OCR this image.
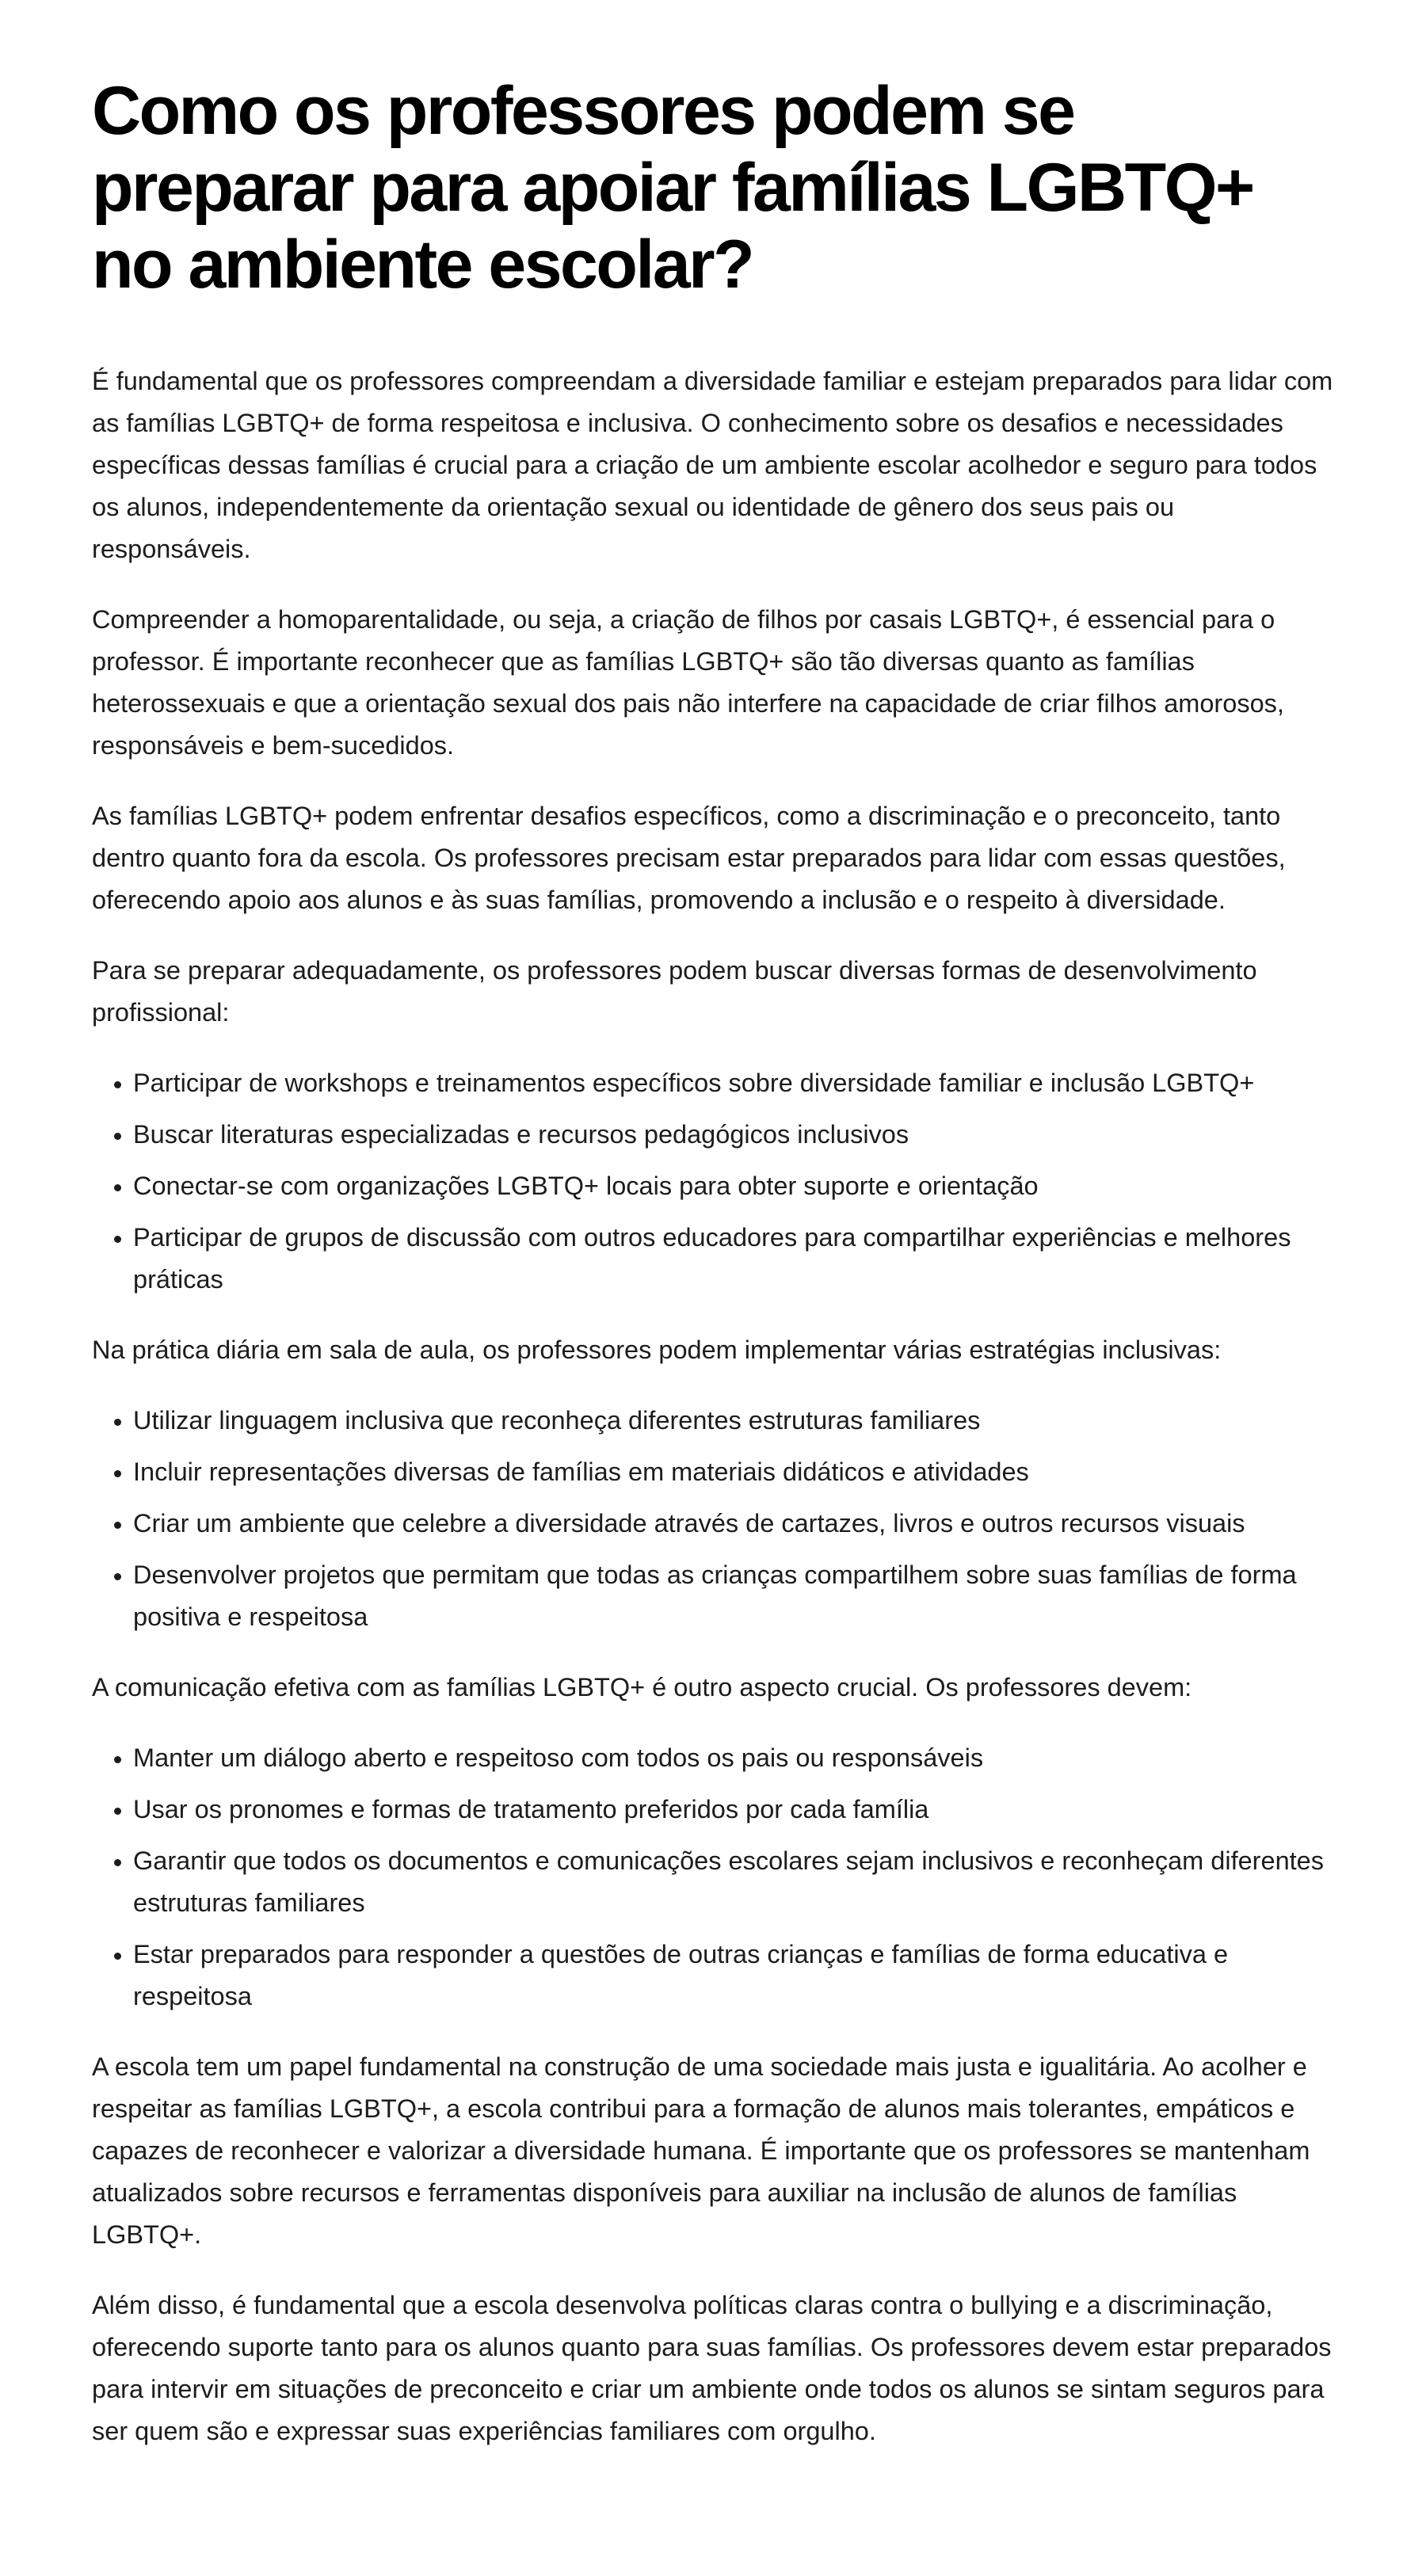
Como os professores podem se preparar para apoiar famílias LGBTQ+ no ambiente escolar?

É fundamental que os professores compreendam a diversidade familiar e estejam preparados para lidar com as famílias LGBTQ+ de forma respeitosa e inclusiva. O conhecimento sobre os desafios e necessidades específicas dessas famílias é crucial para a criação de um ambiente escolar acolhedor e seguro para todos os alunos, independentemente da orientação sexual ou identidade de gênero dos seus pais ou responsáveis.

Compreender a homoparentalidade, ou seja, a criação de filhos por casais LGBTQ+, é essencial para o professor. É importante reconhecer que as famílias LGBTQ+ são tão diversas quanto as famílias heterossexuais e que a orientação sexual dos pais não interfere na capacidade de criar filhos amorosos, responsáveis e bem-sucedidos.

As famílias LGBTQ+ podem enfrentar desafios específicos, como a discriminação e o preconceito, tanto dentro quanto fora da escola. Os professores precisam estar preparados para lidar com essas questões, oferecendo apoio aos alunos e às suas famílias, promovendo a inclusão e o respeito à diversidade.

Para se preparar adequadamente, os professores podem buscar diversas formas de desenvolvimento profissional:

• Participar de workshops e treinamentos específicos sobre diversidade familiar e inclusão LGBTQ+
• Buscar literaturas especializadas e recursos pedagógicos inclusivos
• Conectar-se com organizações LGBTQ+ locais para obter suporte e orientação
• Participar de grupos de discussão com outros educadores para compartilhar experiências e melhores práticas

Na prática diária em sala de aula, os professores podem implementar várias estratégias inclusivas:

• Utilizar linguagem inclusiva que reconheça diferentes estruturas familiares
• Incluir representações diversas de famílias em materiais didáticos e atividades
• Criar um ambiente que celebre a diversidade através de cartazes, livros e outros recursos visuais
• Desenvolver projetos que permitam que todas as crianças compartilhem sobre suas famílias de forma positiva e respeitosa

A comunicação efetiva com as famílias LGBTQ+ é outro aspecto crucial. Os professores devem:

• Manter um diálogo aberto e respeitoso com todos os pais ou responsáveis
• Usar os pronomes e formas de tratamento preferidos por cada família
• Garantir que todos os documentos e comunicações escolares sejam inclusivos e reconheçam diferentes estruturas familiares
• Estar preparados para responder a questões de outras crianças e famílias de forma educativa e respeitosa

A escola tem um papel fundamental na construção de uma sociedade mais justa e igualitária. Ao acolher e respeitar as famílias LGBTQ+, a escola contribui para a formação de alunos mais tolerantes, empáticos e capazes de reconhecer e valorizar a diversidade humana. É importante que os professores se mantenham atualizados sobre recursos e ferramentas disponíveis para auxiliar na inclusão de alunos de famílias LGBTQ+.

Além disso, é fundamental que a escola desenvolva políticas claras contra o bullying e a discriminação, oferecendo suporte tanto para os alunos quanto para suas famílias. Os professores devem estar preparados para intervir em situações de preconceito e criar um ambiente onde todos os alunos se sintam seguros para ser quem são e expressar suas experiências familiares com orgulho.
